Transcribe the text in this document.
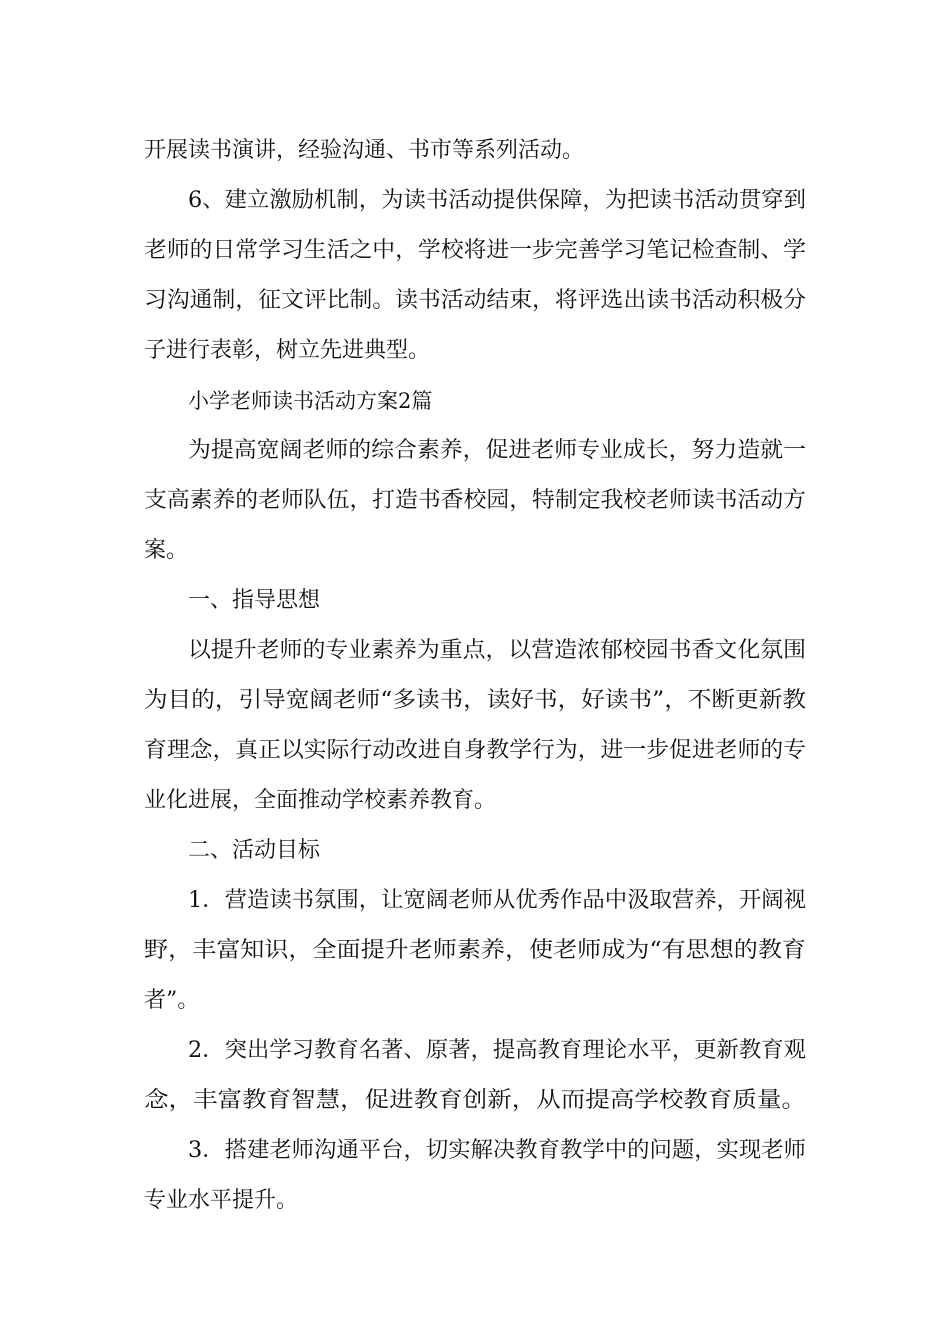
开展读书演讲，经验沟通、书市等系列活动。
6、建立激励机制，为读书活动提供保障，为把读书活动贯穿到
老师的日常学习生活之中，学校将进一步完善学习笔记检查制、学
习沟通制，征文评比制。读书活动结束，将评选出读书活动积极分
子进行表彰，树立先进典型。
小学老师读书活动方案2篇
为提高宽阔老师的综合素养，促进老师专业成长，努力造就一
支高素养的老师队伍，打造书香校园，特制定我校老师读书活动方
案。
一、指导思想
以提升老师的专业素养为重点，以营造浓郁校园书香文化氛围
为目的，引导宽阔老师“多读书，读好书，好读书”，不断更新教
育理念，真正以实际行动改进自身教学行为，进一步促进老师的专
业化进展，全面推动学校素养教育。
二、活动目标
1．营造读书氛围，让宽阔老师从优秀作品中汲取营养，开阔视
野，丰富知识，全面提升老师素养，使老师成为“有思想的教育
者”。
2．突出学习教育名著、原著，提高教育理论水平，更新教育观
念，丰富教育智慧，促进教育创新，从而提高学校教育质量。
3．搭建老师沟通平台，切实解决教育教学中的问题，实现老师
专业水平提升。
